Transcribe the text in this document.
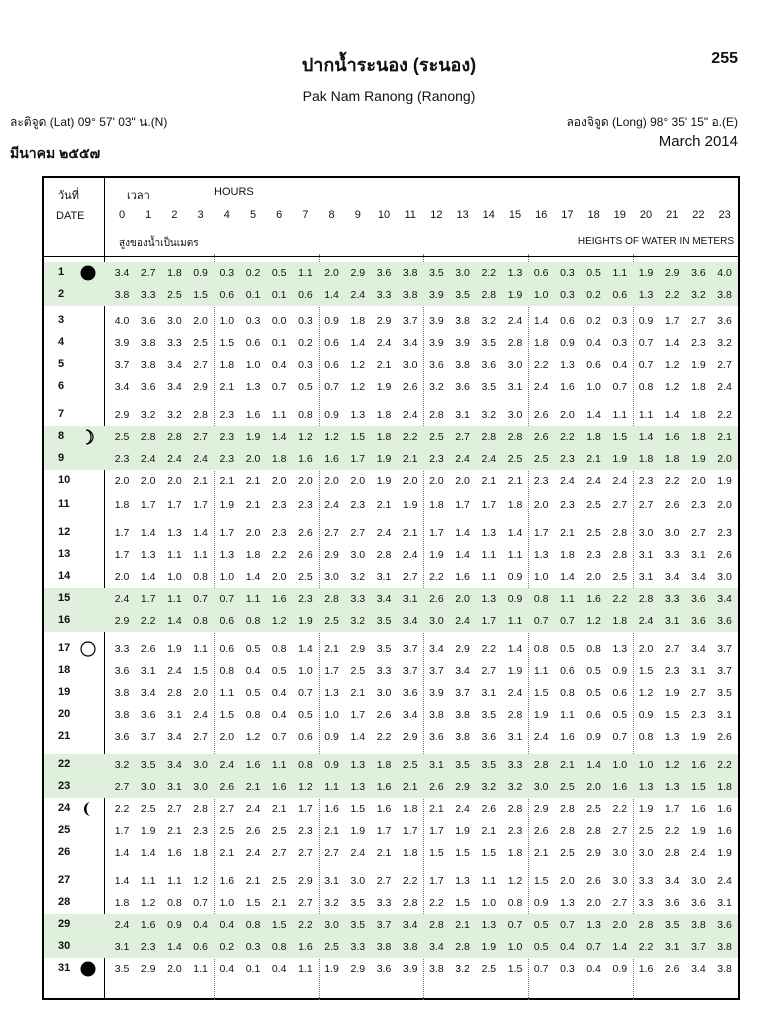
ปากน้ำระนอง (ระนอง)	255
Pak Nam Ranong (Ranong)
ละติจูด (Lat) 09° 57' 03" น.(N)	ลองจิจูด (Long) 98° 35' 15" อ.(E)
มีนาคม ๒๕๕๗
March 2014
วันที่
DATE
เวลา	HOURS
0	1	2	3	4	5	6	7	8	9	10	11	12	13	14	15	16	17	18	19	20	21	22	23
สูงของน้ำเป็นเมตร	HEIGHTS OF WATER IN METERS
1	3.4	2.7	1.8	0.9	0.3	0.2	0.5	1.1	2.0	2.9	3.6	3.8	3.5	3.0	2.2	1.3	0.6	0.3	0.5	1.1	1.9	2.9	3.6	4.0
2	3.8	3.3	2.5	1.5	0.6	0.1	0.1	0.6	1.4	2.4	3.3	3.8	3.9	3.5	2.8	1.9	1.0	0.3	0.2	0.6	1.3	2.2	3.2	3.8
3	4.0	3.6	3.0	2.0	1.0	0.3	0.0	0.3	0.9	1.8	2.9	3.7	3.9	3.8	3.2	2.4	1.4	0.6	0.2	0.3	0.9	1.7	2.7	3.6
4	3.9	3.8	3.3	2.5	1.5	0.6	0.1	0.2	0.6	1.4	2.4	3.4	3.9	3.9	3.5	2.8	1.8	0.9	0.4	0.3	0.7	1.4	2.3	3.2
5	3.7	3.8	3.4	2.7	1.8	1.0	0.4	0.3	0.6	1.2	2.1	3.0	3.6	3.8	3.6	3.0	2.2	1.3	0.6	0.4	0.7	1.2	1.9	2.7
6	3.4	3.6	3.4	2.9	2.1	1.3	0.7	0.5	0.7	1.2	1.9	2.6	3.2	3.6	3.5	3.1	2.4	1.6	1.0	0.7	0.8	1.2	1.8	2.4
7	2.9	3.2	3.2	2.8	2.3	1.6	1.1	0.8	0.9	1.3	1.8	2.4	2.8	3.1	3.2	3.0	2.6	2.0	1.4	1.1	1.1	1.4	1.8	2.2
8	2.5	2.8	2.8	2.7	2.3	1.9	1.4	1.2	1.2	1.5	1.8	2.2	2.5	2.7	2.8	2.8	2.6	2.2	1.8	1.5	1.4	1.6	1.8	2.1
9	2.3	2.4	2.4	2.4	2.3	2.0	1.8	1.6	1.6	1.7	1.9	2.1	2.3	2.4	2.4	2.5	2.5	2.3	2.1	1.9	1.8	1.8	1.9	2.0
10	2.0	2.0	2.0	2.1	2.1	2.1	2.0	2.0	2.0	2.0	1.9	2.0	2.0	2.0	2.1	2.1	2.3	2.4	2.4	2.4	2.3	2.2	2.0	1.9
11	1.8	1.7	1.7	1.7	1.9	2.1	2.3	2.3	2.4	2.3	2.1	1.9	1.8	1.7	1.7	1.8	2.0	2.3	2.5	2.7	2.7	2.6	2.3	2.0
12	1.7	1.4	1.3	1.4	1.7	2.0	2.3	2.6	2.7	2.7	2.4	2.1	1.7	1.4	1.3	1.4	1.7	2.1	2.5	2.8	3.0	3.0	2.7	2.3
13	1.7	1.3	1.1	1.1	1.3	1.8	2.2	2.6	2.9	3.0	2.8	2.4	1.9	1.4	1.1	1.1	1.3	1.8	2.3	2.8	3.1	3.3	3.1	2.6
14	2.0	1.4	1.0	0.8	1.0	1.4	2.0	2.5	3.0	3.2	3.1	2.7	2.2	1.6	1.1	0.9	1.0	1.4	2.0	2.5	3.1	3.4	3.4	3.0
15	2.4	1.7	1.1	0.7	0.7	1.1	1.6	2.3	2.8	3.3	3.4	3.1	2.6	2.0	1.3	0.9	0.8	1.1	1.6	2.2	2.8	3.3	3.6	3.4
16	2.9	2.2	1.4	0.8	0.6	0.8	1.2	1.9	2.5	3.2	3.5	3.4	3.0	2.4	1.7	1.1	0.7	0.7	1.2	1.8	2.4	3.1	3.6	3.6
17	3.3	2.6	1.9	1.1	0.6	0.5	0.8	1.4	2.1	2.9	3.5	3.7	3.4	2.9	2.2	1.4	0.8	0.5	0.8	1.3	2.0	2.7	3.4	3.7
18	3.6	3.1	2.4	1.5	0.8	0.4	0.5	1.0	1.7	2.5	3.3	3.7	3.7	3.4	2.7	1.9	1.1	0.6	0.5	0.9	1.5	2.3	3.1	3.7
19	3.8	3.4	2.8	2.0	1.1	0.5	0.4	0.7	1.3	2.1	3.0	3.6	3.9	3.7	3.1	2.4	1.5	0.8	0.5	0.6	1.2	1.9	2.7	3.5
20	3.8	3.6	3.1	2.4	1.5	0.8	0.4	0.5	1.0	1.7	2.6	3.4	3.8	3.8	3.5	2.8	1.9	1.1	0.6	0.5	0.9	1.5	2.3	3.1
21	3.6	3.7	3.4	2.7	2.0	1.2	0.7	0.6	0.9	1.4	2.2	2.9	3.6	3.8	3.6	3.1	2.4	1.6	0.9	0.7	0.8	1.3	1.9	2.6
22	3.2	3.5	3.4	3.0	2.4	1.6	1.1	0.8	0.9	1.3	1.8	2.5	3.1	3.5	3.5	3.3	2.8	2.1	1.4	1.0	1.0	1.2	1.6	2.2
23	2.7	3.0	3.1	3.0	2.6	2.1	1.6	1.2	1.1	1.3	1.6	2.1	2.6	2.9	3.2	3.2	3.0	2.5	2.0	1.6	1.3	1.3	1.5	1.8
24	2.2	2.5	2.7	2.8	2.7	2.4	2.1	1.7	1.6	1.5	1.6	1.8	2.1	2.4	2.6	2.8	2.9	2.8	2.5	2.2	1.9	1.7	1.6	1.6
25	1.7	1.9	2.1	2.3	2.5	2.6	2.5	2.3	2.1	1.9	1.7	1.7	1.7	1.9	2.1	2.3	2.6	2.8	2.8	2.7	2.5	2.2	1.9	1.6
26	1.4	1.4	1.6	1.8	2.1	2.4	2.7	2.7	2.7	2.4	2.1	1.8	1.5	1.5	1.5	1.8	2.1	2.5	2.9	3.0	3.0	2.8	2.4	1.9
27	1.4	1.1	1.1	1.2	1.6	2.1	2.5	2.9	3.1	3.0	2.7	2.2	1.7	1.3	1.1	1.2	1.5	2.0	2.6	3.0	3.3	3.4	3.0	2.4
28	1.8	1.2	0.8	0.7	1.0	1.5	2.1	2.7	3.2	3.5	3.3	2.8	2.2	1.5	1.0	0.8	0.9	1.3	2.0	2.7	3.3	3.6	3.6	3.1
29	2.4	1.6	0.9	0.4	0.4	0.8	1.5	2.2	3.0	3.5	3.7	3.4	2.8	2.1	1.3	0.7	0.5	0.7	1.3	2.0	2.8	3.5	3.8	3.6
30	3.1	2.3	1.4	0.6	0.2	0.3	0.8	1.6	2.5	3.3	3.8	3.8	3.4	2.8	1.9	1.0	0.5	0.4	0.7	1.4	2.2	3.1	3.7	3.8
31	3.5	2.9	2.0	1.1	0.4	0.1	0.4	1.1	1.9	2.9	3.6	3.9	3.8	3.2	2.5	1.5	0.7	0.3	0.4	0.9	1.6	2.6	3.4	3.8
